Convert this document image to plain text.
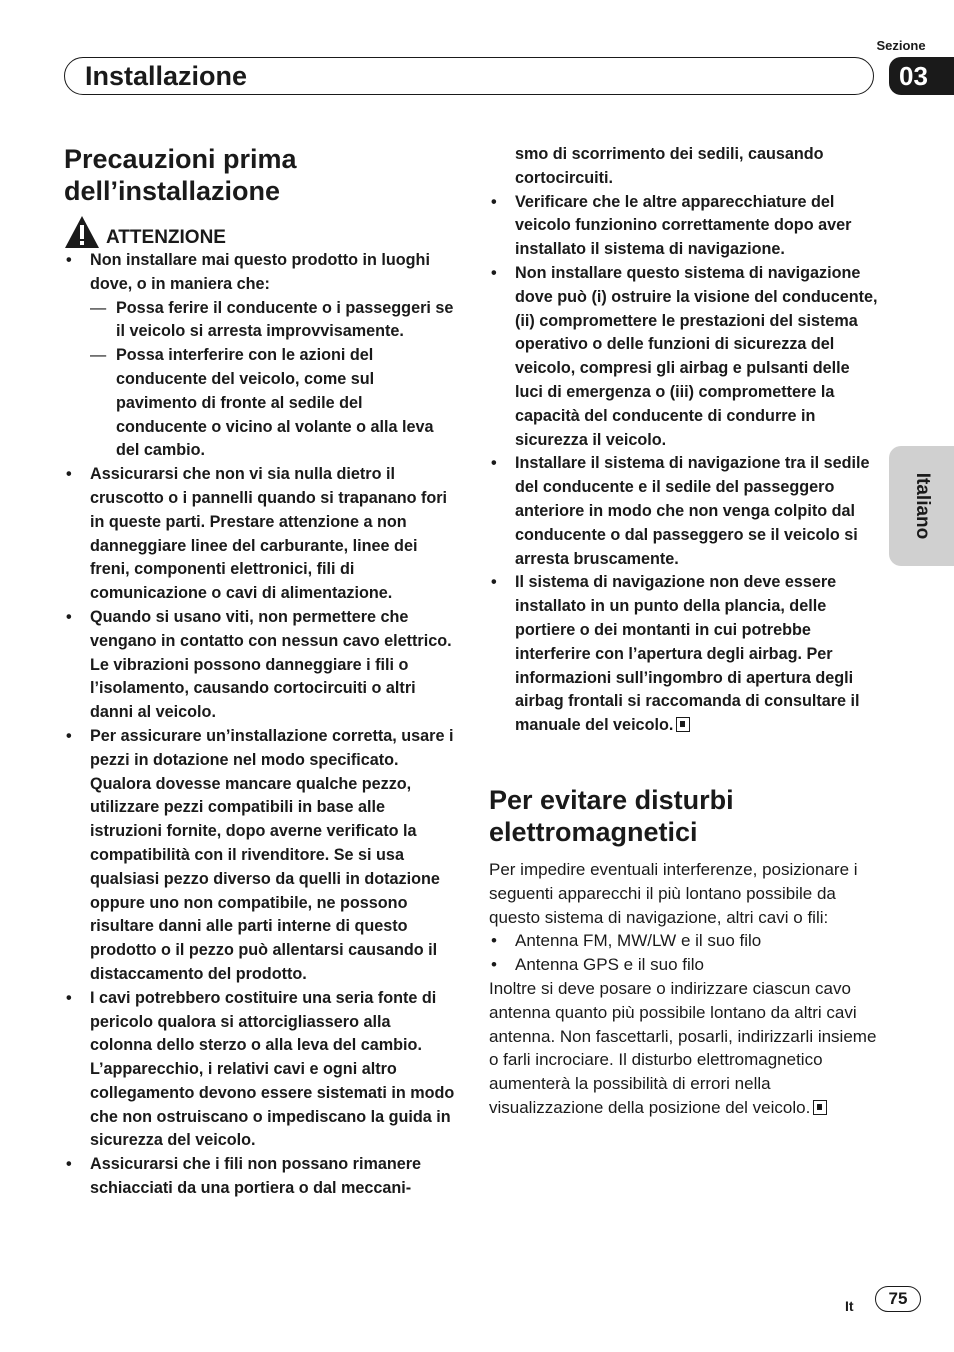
Sezione
03
Installazione
Italiano
Precauzioni prima dell’installazione
ATTENZIONE
• Non installare mai questo prodotto in luoghi dove, o in maniera che:
— Possa ferire il conducente o i passeggeri se il veicolo si arresta improvvisamente.
— Possa interferire con le azioni del conducente del veicolo, come sul pavimento di fronte al sedile del conducente o vicino al volante o alla leva del cambio.
• Assicurarsi che non vi sia nulla dietro il cruscotto o i pannelli quando si trapanano fori in queste parti. Prestare attenzione a non danneggiare linee del carburante, linee dei freni, componenti elettronici, fili di comunicazione o cavi di alimentazione.
• Quando si usano viti, non permettere che vengano in contatto con nessun cavo elettrico. Le vibrazioni possono danneggiare i fili o l’isolamento, causando cortocircuiti o altri danni al veicolo.
• Per assicurare un’installazione corretta, usare i pezzi in dotazione nel modo specificato. Qualora dovesse mancare qualche pezzo, utilizzare pezzi compatibili in base alle istruzioni fornite, dopo averne verificato la compatibilità con il rivenditore. Se si usa qualsiasi pezzo diverso da quelli in dotazione oppure uno non compatibile, ne possono risultare danni alle parti interne di questo prodotto o il pezzo può allentarsi causando il distaccamento del prodotto.
• I cavi potrebbero costituire una seria fonte di pericolo qualora si attorcigliassero alla colonna dello sterzo o alla leva del cambio. L’apparecchio, i relativi cavi e ogni altro collegamento devono essere sistemati in modo che non ostruiscano o impediscano la guida in sicurezza del veicolo.
• Assicurarsi che i fili non possano rimanere schiacciati da una portiera o dal meccani-
smo di scorrimento dei sedili, causando cortocircuiti.
• Verificare che le altre apparecchiature del veicolo funzionino correttamente dopo aver installato il sistema di navigazione.
• Non installare questo sistema di navigazione dove può (i) ostruire la visione del conducente, (ii) compromettere le prestazioni del sistema operativo o delle funzioni di sicurezza del veicolo, compresi gli airbag e pulsanti delle luci di emergenza o (iii) compromettere la capacità del conducente di condurre in sicurezza il veicolo.
• Installare il sistema di navigazione tra il sedile del conducente e il sedile del passeggero anteriore in modo che non venga colpito dal conducente o dal passeggero se il veicolo si arresta bruscamente.
• Il sistema di navigazione non deve essere installato in un punto della plancia, delle portiere o dei montanti in cui potrebbe interferire con l’apertura degli airbag. Per informazioni sull’ingombro di apertura degli airbag frontali si raccomanda di consultare il manuale del veicolo.
Per evitare disturbi elettromagnetici
Per impedire eventuali interferenze, posizionare i seguenti apparecchi il più lontano possibile da questo sistema di navigazione, altri cavi o fili:
• Antenna FM, MW/LW e il suo filo
• Antenna GPS e il suo filo
Inoltre si deve posare o indirizzare ciascun cavo antenna quanto più possibile lontano da altri cavi antenna. Non fascettarli, posarli, indirizzarli insieme o farli incrociare. Il disturbo elettromagnetico aumenterà la possibilità di errori nella visualizzazione della posizione del veicolo.
It	75
